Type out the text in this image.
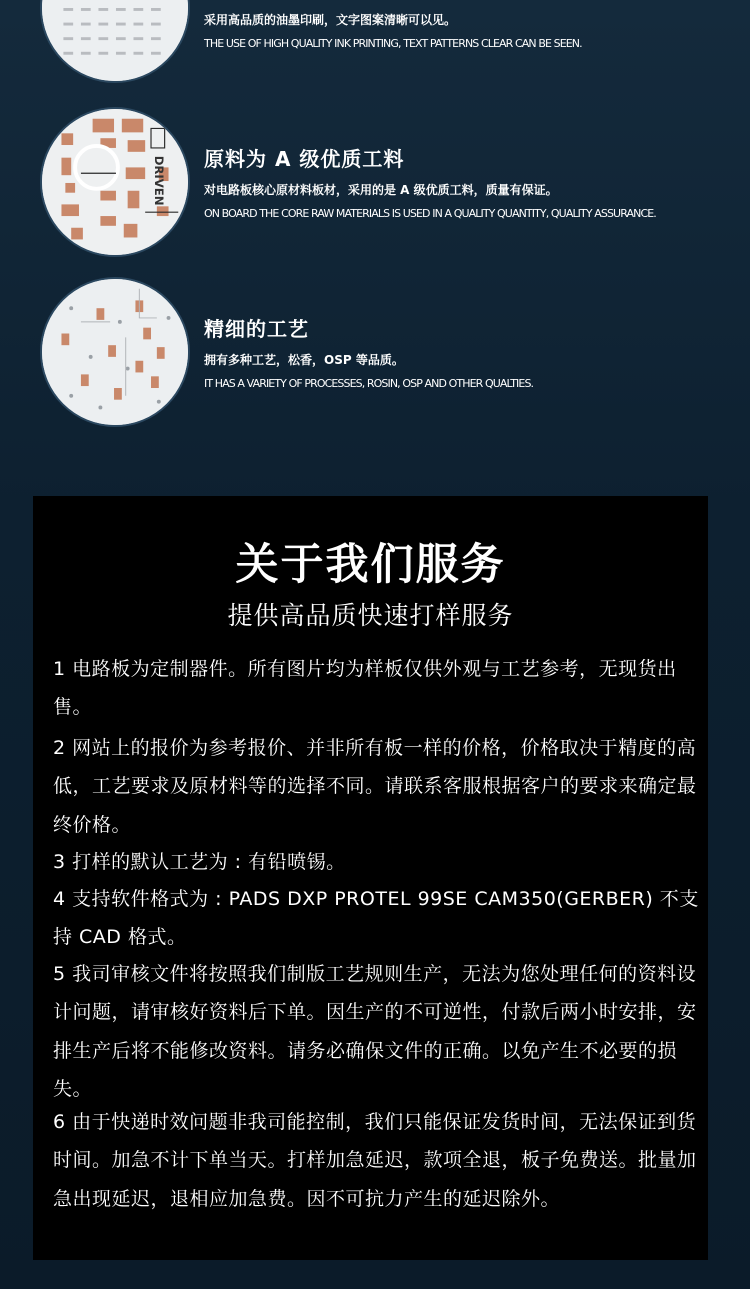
采用高品质的油墨印刷，文字图案清晰可以见。
THE USE OF HIGH QUALITY INK PRINTING, TEXT PATTERNS CLEAR CAN BE SEEN.
DRIVEN 原料为 A 级优质工料
对电路板核心原材料板材，采用的是 A 级优质工料，质量有保证。
ON BOARD THE CORE RAW MATERIALS IS USED IN A QUALITY QUANTITY, QUALITY ASSURANCE.
精细的工艺
拥有多种工艺，松香，OSP 等品质。
IT HAS A VARIETY OF PROCESSES, ROSIN, OSP AND OTHER QUALTIES.
关于我们服务
提供高品质快速打样服务
1 电路板为定制器件。所有图片均为样板仅供外观与工艺参考，无现货出售。
2 网站上的报价为参考报价、并非所有板一样的价格，价格取决于精度的高低，工艺要求及原材料等的选择不同。请联系客服根据客户的要求来确定最终价格。
3 打样的默认工艺为 : 有铅喷锡。
4 支持软件格式为 : PADS DXP PROTEL 99SE CAM350(GERBER) 不支持 CAD 格式。
5 我司审核文件将按照我们制版工艺规则生产，无法为您处理任何的资料设计问题，请审核好资料后下单。因生产的不可逆性，付款后两小时安排，安排生产后将不能修改资料。请务必确保文件的正确。以免产生不必要的损失。
6 由于快递时效问题非我司能控制，我们只能保证发货时间，无法保证到货时间。加急不计下单当天。打样加急延迟，款项全退，板子免费送。批量加急出现延迟，退相应加急费。因不可抗力产生的延迟除外。
